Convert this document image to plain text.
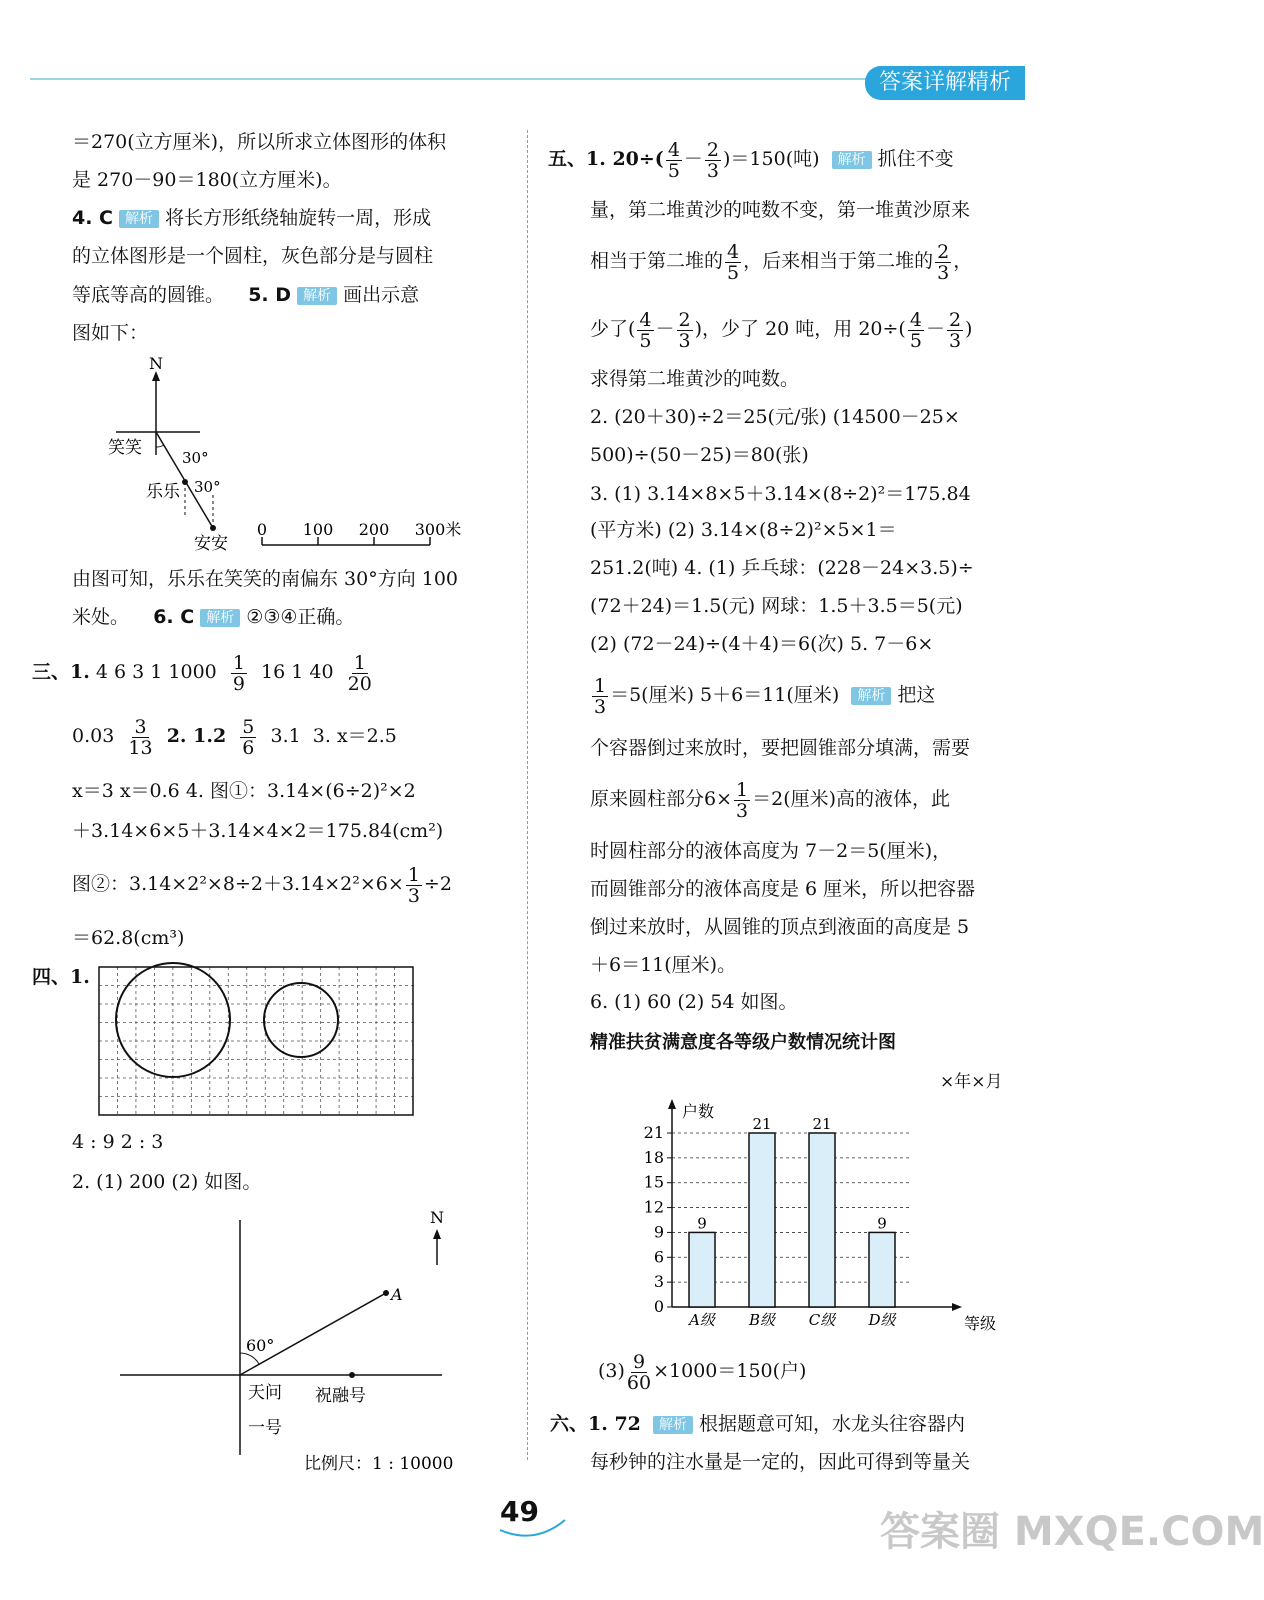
答案详解精析
＝270(立方厘米)，所以所求立体图形的体积
是 270－90＝180(立方厘米)。
4. C 解析 将长方形纸绕轴旋转一周，形成
的立体图形是一个圆柱，灰色部分是与圆柱
等底等高的圆锥。 5. D 解析 画出示意
图如下：
N
笑笑	30°
乐乐 30°
安安
0 100 200 300米
由图可知，乐乐在笑笑的南偏东 30°方向 100
米处。 6. C 解析 ②③④正确。
三、1. 4 6 3 1 $1000 \frac{1}{9} 16$ 1 $40 \frac{1}{20}$
$0.03 \frac{3}{13} 2$. $1.2 \frac{5}{6} 3.1$ 3. x＝2.5
x＝3 x＝0.6 4. 图①：3.14×(6÷2)²×2
＋3.14×6×5＋3.14×4×2＝175.84(cm²)
图②：$3.14\times 2^2\times 8\div 2+3.14\times 2^2\times 6\times \frac{1}{3} \div 2$
＝62.8(cm³)
四、1.
4 : 9 2 : 3
2. (1) 200 (2) 如图。
N
A
60°
天问
一号
祝融号
比例尺：1 : 10000
五、1. $20\div( \frac{4}{5} - \frac{2}{3} )=150$(吨) 解析 抓住不变
量，第二堆黄沙的吨数不变，第一堆黄沙原来
相当于第二堆的 $\frac{4}{5}$ ，后来相当于第二堆的 $\frac{2}{3}$ ，
少了( $\frac{4}{5} - \frac{2}{3}$ )，少了 20 吨，用 $20\div( \frac{4}{5} - \frac{2}{3}$ )
求得第二堆黄沙的吨数。
2. (20＋30)÷2＝25(元/张) (14500－25×
500)÷(50－25)＝80(张)
3. (1) 3.14×8×5＋3.14×(8÷2)²＝175.84
(平方米) (2) 3.14×(8÷2)²×5×1＝
251.2(吨) 4. (1) 乒乓球：(228－24×3.5)÷
(72＋24)＝1.5(元) 网球：1.5＋3.5＝5(元)
(2) (72－24)÷(4＋4)＝6(次) 5. 7－6×
$\frac{1}{3} =5$(厘米) 5＋6＝11(厘米) 解析 把这
个容器倒过来放时，要把圆锥部分填满，需要
原来圆柱部分$6\times \frac{1}{3} =2$(厘米)高的液体，此
时圆柱部分的液体高度为 7－2＝5(厘米)，
而圆锥部分的液体高度是 6 厘米，所以把容器
倒过来放时，从圆锥的顶点到液面的高度是 5
＋6＝11(厘米)。
6. (1) 60 (2) 54 如图。
精准扶贫满意度各等级户数情况统计图
×年×月
0
3
6
9
12
15
18
21
户数
等级
9
A级
21
B级
21
C级
9
D级
$(3) \frac{9}{60} \times 1000=150$(户)
六、1. 72 解析 根据题意可知，水龙头往容器内
每秒钟的注水量是一定的，因此可得到等量关
49	答案圈 MXQE.COM
